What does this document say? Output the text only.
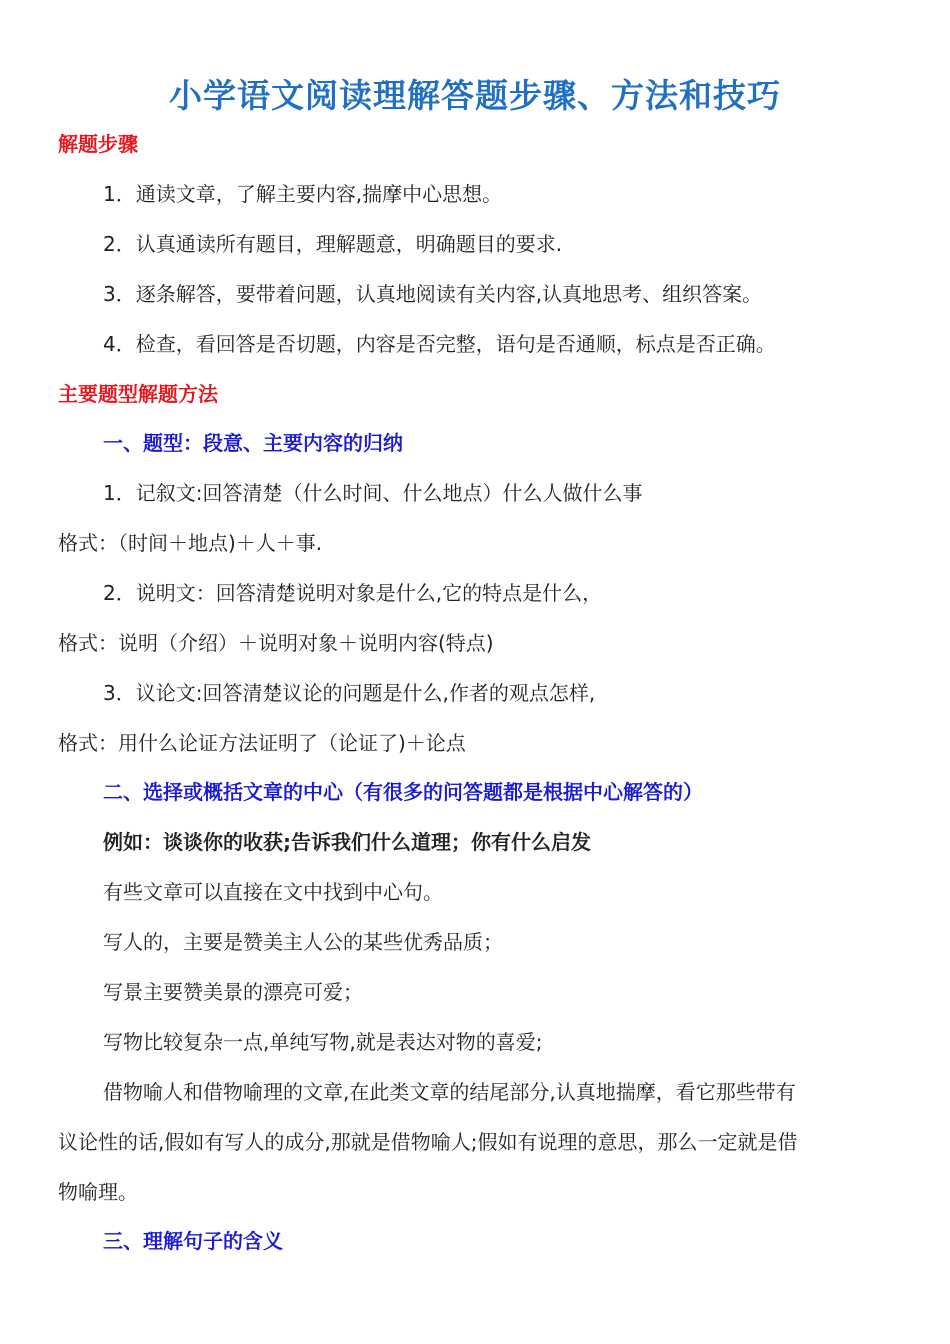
小学语文阅读理解答题步骤、方法和技巧
解题步骤
1．通读文章，了解主要内容,揣摩中心思想。
2．认真通读所有题目，理解题意，明确题目的要求.
3．逐条解答，要带着问题，认真地阅读有关内容,认真地思考、组织答案。
4．检查，看回答是否切题，内容是否完整，语句是否通顺，标点是否正确。
主要题型解题方法
一、题型：段意、主要内容的归纳
1．记叙文:回答清楚（什么时间、什么地点）什么人做什么事
格式：（时间＋地点)＋人＋事.
2．说明文：回答清楚说明对象是什么,它的特点是什么，
格式：说明（介绍）＋说明对象＋说明内容(特点)
3．议论文:回答清楚议论的问题是什么,作者的观点怎样,
格式：用什么论证方法证明了（论证了)＋论点
二、选择或概括文章的中心（有很多的问答题都是根据中心解答的）
例如：谈谈你的收获;告诉我们什么道理；你有什么启发
有些文章可以直接在文中找到中心句。
写人的，主要是赞美主人公的某些优秀品质；
写景主要赞美景的漂亮可爱；
写物比较复杂一点,单纯写物,就是表达对物的喜爱;
借物喻人和借物喻理的文章,在此类文章的结尾部分,认真地揣摩，看它那些带有
议论性的话,假如有写人的成分,那就是借物喻人;假如有说理的意思，那么一定就是借
物喻理。
三、理解句子的含义
